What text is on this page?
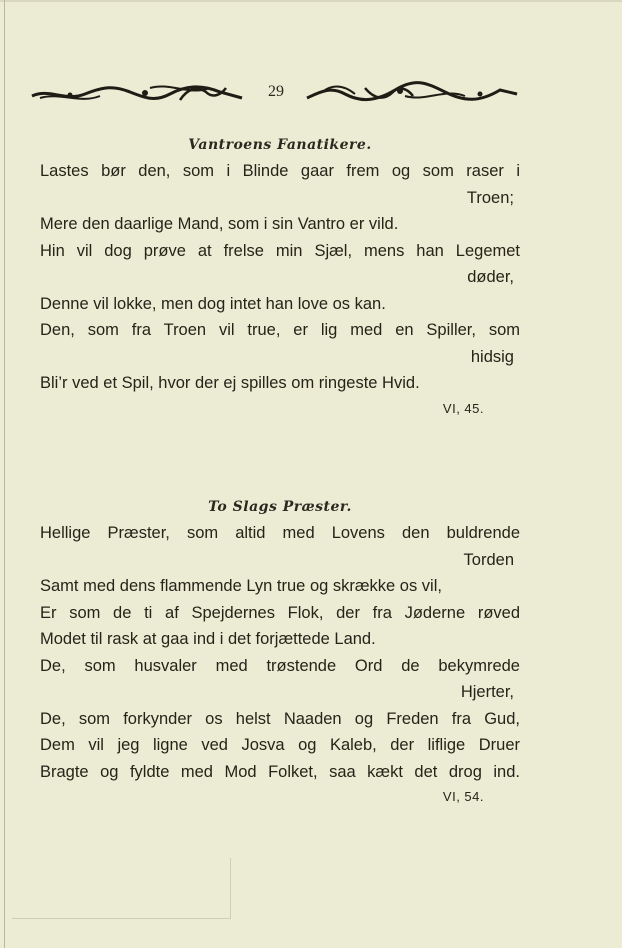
29

Vantroens Fanatikere.

Lastes bør den, som i Blinde gaar frem og som raser i

Troen;

Mere den daarlige Mand, som i sin Vantro er vild.

Hin vil dog prøve at frelse min Sjæl, mens han Legemet

døder,

Denne vil lokke, men dog intet han love os kan.

Den, som fra Troen vil true, er lig med en Spiller, som

hidsig

Bli’r ved et Spil, hvor der ej spilles om ringeste Hvid.

VI, 45.

To Slags Præster.

Hellige Præster, som altid med Lovens den buldrende

Torden

Samt med dens flammende Lyn true og skrække os vil,

Er som de ti af Spejdernes Flok, der fra Jøderne røved

Modet til rask at gaa ind i det forjættede Land.

De, som husvaler med trøstende Ord de bekymrede

Hjerter,

De, som forkynder os helst Naaden og Freden fra Gud,

Dem vil jeg ligne ved Josva og Kaleb, der liflige Druer

Bragte og fyldte med Mod Folket, saa kækt det drog ind.

VI, 54.
